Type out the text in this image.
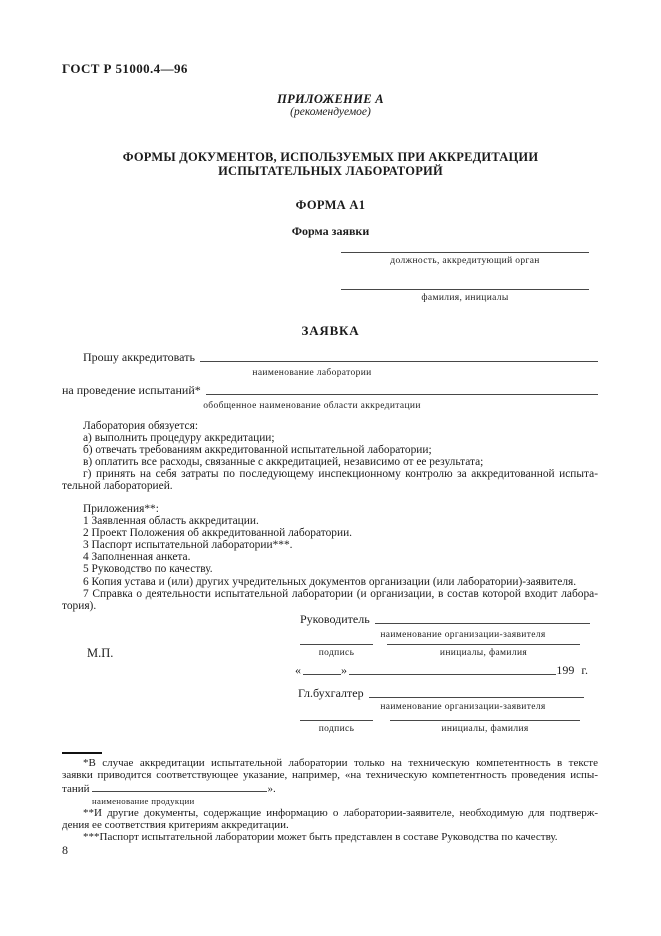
ГОСТ Р 51000.4—96
ПРИЛОЖЕНИЕ А
(рекомендуемое)
ФОРМЫ ДОКУМЕНТОВ, ИСПОЛЬЗУЕМЫХ ПРИ АККРЕДИТАЦИИ
ИСПЫТАТЕЛЬНЫХ ЛАБОРАТОРИЙ
ФОРМА А1
Форма заявки
должность, аккредитующий орган
фамилия, инициалы
ЗАЯВКА
Прошу аккредитовать
наименование лаборатории
на проведение испытаний*
обобщенное наименование области аккредитации
Лаборатория обязуется:
а) выполнить процедуру аккредитации;
б) отвечать требованиям аккредитованной испытательной лаборатории;
в) оплатить все расходы, связанные с аккредитацией, независимо от ее результата;
г) принять на себя затраты по последующему инспекционному контролю за аккредитованной испыта-
тельной лабораторией.
Приложения**:
1 Заявленная область аккредитации.
2 Проект Положения об аккредитованной лаборатории.
3 Паспорт испытательной лаборатории***.
4 Заполненная анкета.
5 Руководство по качеству.
6 Копия устава и (или) других учредительных документов организации (или лаборатории)-заявителя.
7 Справка о деятельности испытательной лаборатории (и организации, в состав которой входит лабора-
тория).
Руководитель
наименование организации-заявителя
подпись	инициалы, фамилия
М.П.
«	»	199 г.
Гл.бухгалтер
наименование организации-заявителя
подпись	инициалы, фамилия
*В случае аккредитации испытательной лаборатории только на техническую компетентность в тексте
заявки приводится соответствующее указание, например, «на техническую компетентность проведения испы-
таний	».
наименование продукции
**И другие документы, содержащие информацию о лаборатории-заявителе, необходимую для подтверж-
дения ее соответствия критериям аккредитации.
***Паспорт испытательной лаборатории может быть представлен в составе Руководства по качеству.
8
